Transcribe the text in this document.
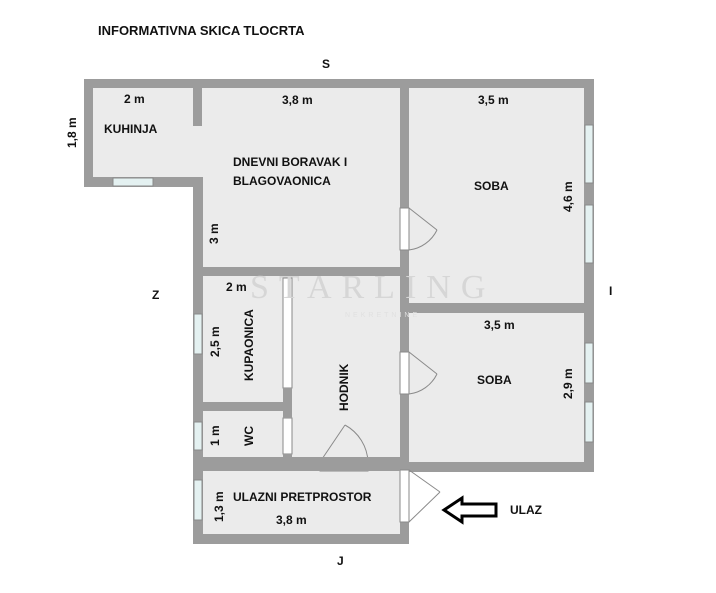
INFORMATIVNA SKICA TLOCRTA
STARLING
NEKRETNINE
S
J
Z	I
ULAZ
KUHINJA
DNEVNI BORAVAK I
BLAGOVAONICA	SOBA
SOBA
KUPAONICA
WC
HODNIK
ULAZNI PRETPROSTOR
2 m
1,8 m
3,8 m
3 m
3,5 m
4,6 m
3,5 m
2,9 m
2 m
2,5 m
1 m
1,3 m	3,8 m
